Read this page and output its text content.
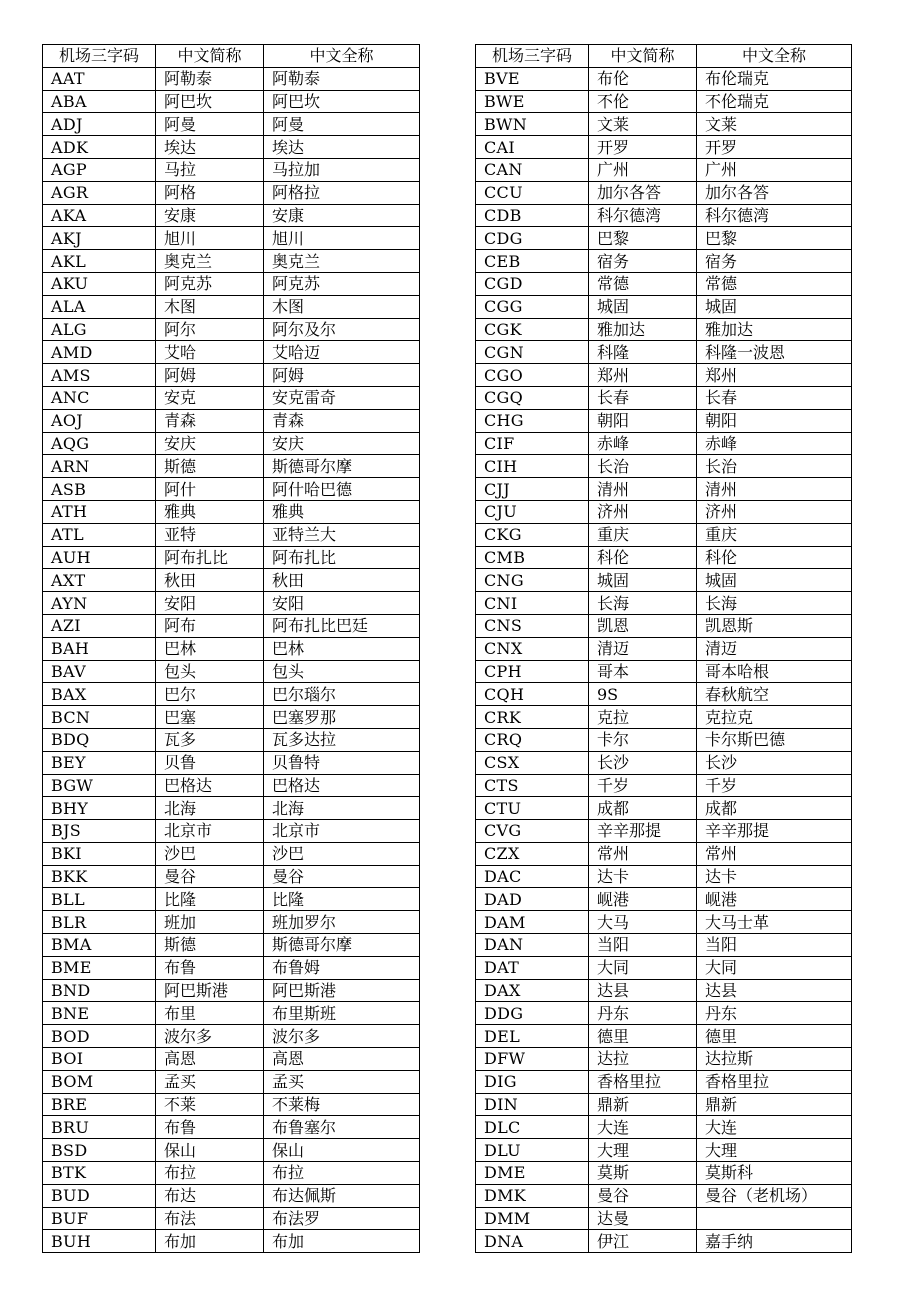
机场三字码	中文简称	中文全称
AAT	阿勒泰	阿勒泰
ABA	阿巴坎	阿巴坎
ADJ	阿曼	阿曼
ADK	埃达	埃达
AGP	马拉	马拉加
AGR	阿格	阿格拉
AKA	安康	安康
AKJ	旭川	旭川
AKL	奥克兰	奥克兰
AKU	阿克苏	阿克苏
ALA	木图	木图
ALG	阿尔	阿尔及尔
AMD	艾哈	艾哈迈
AMS	阿姆	阿姆
ANC	安克	安克雷奇
AOJ	青森	青森
AQG	安庆	安庆
ARN	斯德	斯德哥尔摩
ASB	阿什	阿什哈巴德
ATH	雅典	雅典
ATL	亚特	亚特兰大
AUH	阿布扎比	阿布扎比
AXT	秋田	秋田
AYN	安阳	安阳
AZI	阿布	阿布扎比巴廷
BAH	巴林	巴林
BAV	包头	包头
BAX	巴尔	巴尔瑙尔
BCN	巴塞	巴塞罗那
BDQ	瓦多	瓦多达拉
BEY	贝鲁	贝鲁特
BGW	巴格达	巴格达
BHY	北海	北海
BJS	北京市	北京市
BKI	沙巴	沙巴
BKK	曼谷	曼谷
BLL	比隆	比隆
BLR	班加	班加罗尔
BMA	斯德	斯德哥尔摩
BME	布鲁	布鲁姆
BND	阿巴斯港	阿巴斯港
BNE	布里	布里斯班
BOD	波尔多	波尔多
BOI	高恩	高恩
BOM	孟买	孟买
BRE	不莱	不莱梅
BRU	布鲁	布鲁塞尔
BSD	保山	保山
BTK	布拉	布拉
BUD	布达	布达佩斯
BUF	布法	布法罗
BUH	布加	布加
机场三字码	中文简称	中文全称
BVE	布伦	布伦瑞克
BWE	不伦	不伦瑞克
BWN	文莱	文莱
CAI	开罗	开罗
CAN	广州	广州
CCU	加尔各答	加尔各答
CDB	科尔德湾	科尔德湾
CDG	巴黎	巴黎
CEB	宿务	宿务
CGD	常德	常德
CGG	城固	城固
CGK	雅加达	雅加达
CGN	科隆	科隆一波恩
CGO	郑州	郑州
CGQ	长春	长春
CHG	朝阳	朝阳
CIF	赤峰	赤峰
CIH	长治	长治
CJJ	清州	清州
CJU	济州	济州
CKG	重庆	重庆
CMB	科伦	科伦
CNG	城固	城固
CNI	长海	长海
CNS	凯恩	凯恩斯
CNX	清迈	清迈
CPH	哥本	哥本哈根
CQH	9S	春秋航空
CRK	克拉	克拉克
CRQ	卡尔	卡尔斯巴德
CSX	长沙	长沙
CTS	千岁	千岁
CTU	成都	成都
CVG	辛辛那提	辛辛那提
CZX	常州	常州
DAC	达卡	达卡
DAD	岘港	岘港
DAM	大马	大马士革
DAN	当阳	当阳
DAT	大同	大同
DAX	达县	达县
DDG	丹东	丹东
DEL	德里	德里
DFW	达拉	达拉斯
DIG	香格里拉	香格里拉
DIN	鼎新	鼎新
DLC	大连	大连
DLU	大理	大理
DME	莫斯	莫斯科
DMK	曼谷	曼谷（老机场）
DMM	达曼	
DNA	伊江	嘉手纳
